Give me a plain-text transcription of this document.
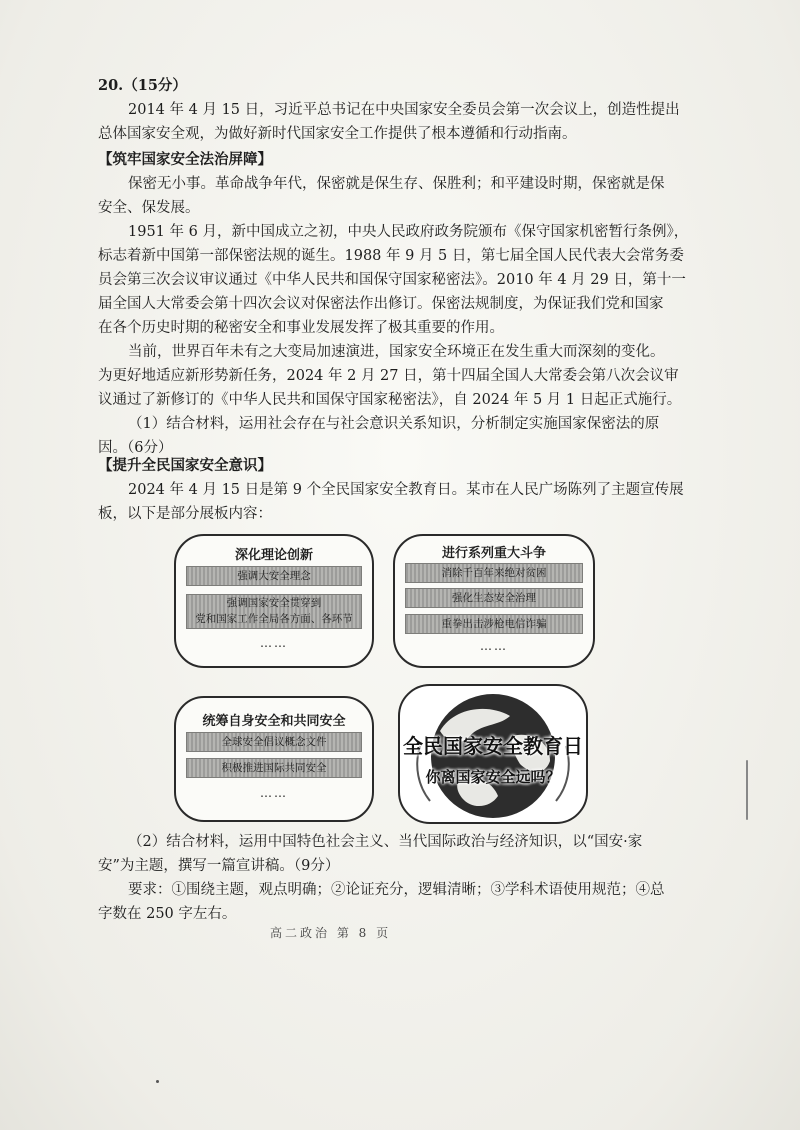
20.（15分）
2014 年 4 月 15 日，习近平总书记在中央国家安全委员会第一次会议上，创造性提出
总体国家安全观，为做好新时代国家安全工作提供了根本遵循和行动指南。
【筑牢国家安全法治屏障】
保密无小事。革命战争年代，保密就是保生存、保胜利；和平建设时期，保密就是保
安全、保发展。
1951 年 6 月，新中国成立之初，中央人民政府政务院颁布《保守国家机密暂行条例》，
标志着新中国第一部保密法规的诞生。1988 年 9 月 5 日，第七届全国人民代表大会常务委
员会第三次会议审议通过《中华人民共和国保守国家秘密法》。2010 年 4 月 29 日，第十一
届全国人大常委会第十四次会议对保密法作出修订。保密法规制度，为保证我们党和国家
在各个历史时期的秘密安全和事业发展发挥了极其重要的作用。
当前，世界百年未有之大变局加速演进，国家安全环境正在发生重大而深刻的变化。
为更好地适应新形势新任务，2024 年 2 月 27 日，第十四届全国人大常委会第八次会议审
议通过了新修订的《中华人民共和国保守国家秘密法》，自 2024 年 5 月 1 日起正式施行。
（1）结合材料，运用社会存在与社会意识关系知识，分析制定实施国家保密法的原
因。（6分）
【提升全民国家安全意识】
2024 年 4 月 15 日是第 9 个全民国家安全教育日。某市在人民广场陈列了主题宣传展
板，以下是部分展板内容：
深化理论创新
强调大安全理念
强调国家安全贯穿到
党和国家工作全局各方面、各环节
……
进行系列重大斗争
消除千百年来绝对贫困
强化生态安全治理
重拳出击涉枪电信诈骗
……
统筹自身安全和共同安全
全球安全倡议概念文件
积极推进国际共同安全
……
全民国家安全教育日
你离国家安全远吗？
（2）结合材料，运用中国特色社会主义、当代国际政治与经济知识，以“国安·家
安”为主题，撰写一篇宣讲稿。（9分）
要求：①围绕主题，观点明确；②论证充分，逻辑清晰；③学科术语使用规范；④总
字数在 250 字左右。
高二政治 第 8 页
